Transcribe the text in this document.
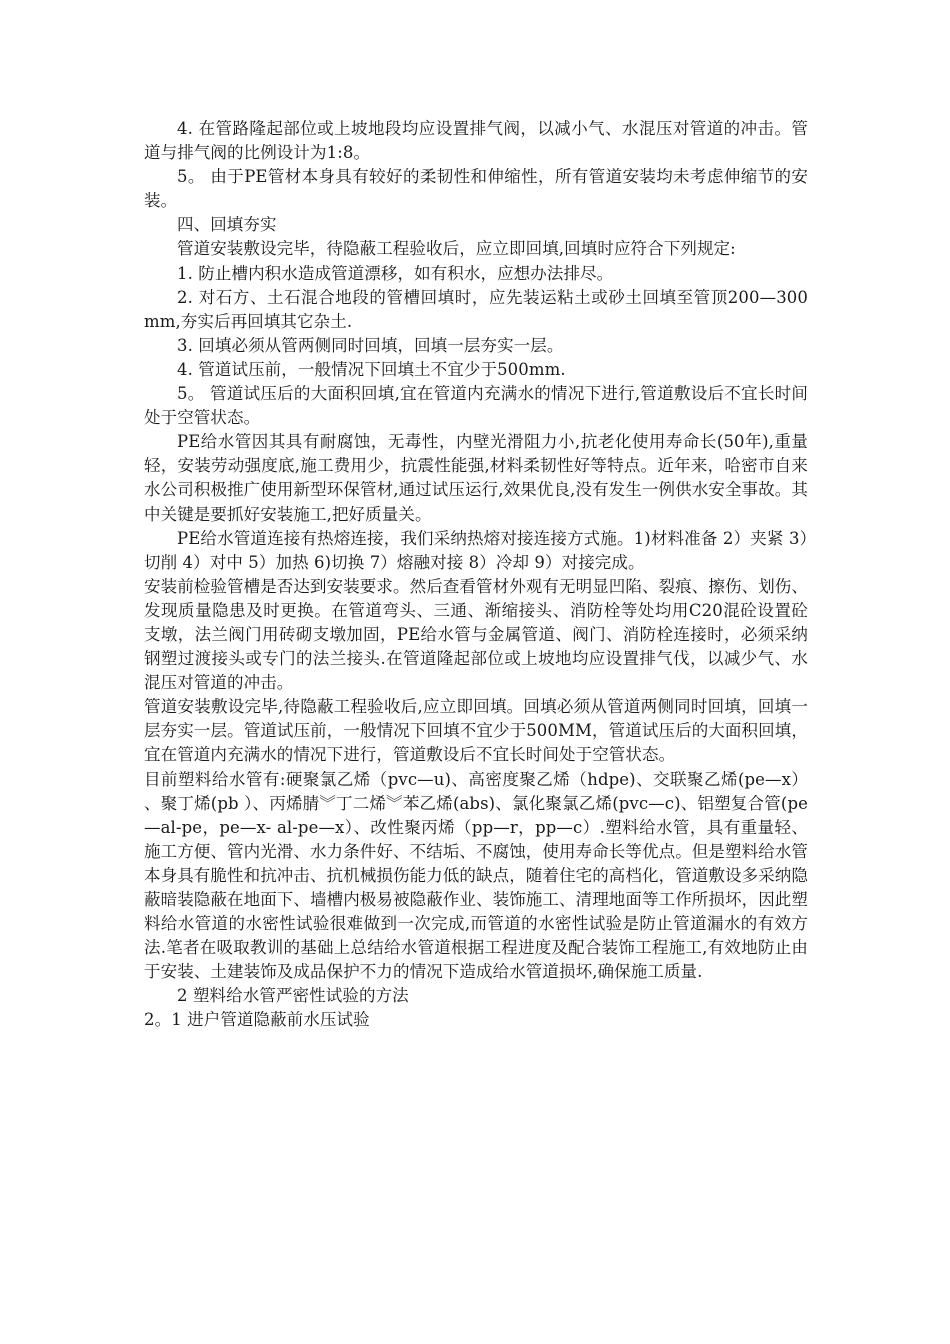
4. 在管路隆起部位或上坡地段均应设置排气阀，以减小气、水混压对管道的冲击。管道与排气阀的比例设计为1:8。

5。 由于PE管材本身具有较好的柔韧性和伸缩性，所有管道安装均未考虑伸缩节的安装。

四、回填夯实

管道安装敷设完毕，待隐蔽工程验收后，应立即回填,回填时应符合下列规定:

1. 防止槽内积水造成管道漂移，如有积水，应想办法排尽。

2. 对石方、土石混合地段的管槽回填时，应先装运粘土或砂土回填至管顶200—300mm,夯实后再回填其它杂土.

3. 回填必须从管两侧同时回填，回填一层夯实一层。

4. 管道试压前，一般情况下回填土不宜少于500mm.

5。 管道试压后的大面积回填,宜在管道内充满水的情况下进行,管道敷设后不宜长时间处于空管状态。

PE给水管因其具有耐腐蚀，无毒性，内壁光滑阻力小,抗老化使用寿命长(50年),重量轻，安装劳动强度底,施工费用少，抗震性能强,材料柔韧性好等特点。近年来，哈密市自来水公司积极推广使用新型环保管材,通过试压运行,效果优良,没有发生一例供水安全事故。其中关键是要抓好安装施工,把好质量关。

PE给水管道连接有热熔连接，我们采纳热熔对接连接方式施。1)材料准备 2）夹紧 3）切削 4）对中 5）加热 6)切换 7）熔融对接 8）冷却 9）对接完成。

安装前检验管槽是否达到安装要求。然后查看管材外观有无明显凹陷、裂痕、擦伤、划伤、发现质量隐患及时更换。在管道弯头、三通、渐缩接头、消防栓等处均用C20混砼设置砼支墩，法兰阀门用砖砌支墩加固，PE给水管与金属管道、阀门、消防栓连接时，必须采纳钢塑过渡接头或专门的法兰接头.在管道隆起部位或上坡地均应设置排气伐，以减少气、水混压对管道的冲击。

管道安装敷设完毕,待隐蔽工程验收后,应立即回填。回填必须从管道两侧同时回填，回填一层夯实一层。管道试压前，一般情况下回填不宜少于500MM，管道试压后的大面积回填，宜在管道内充满水的情况下进行，管道敷设后不宜长时间处于空管状态。

目前塑料给水管有:硬聚氯乙烯（pvc—u)、高密度聚乙烯（hdpe)、交联聚乙烯(pe—x） 、聚丁烯(pb ）、丙烯腈︾丁二烯︾苯乙烯(abs)、氯化聚氯乙烯(pvc—c)、铝塑复合管(pe—al-pe，pe—x- al-pe—x）、改性聚丙烯（pp—r，pp—c）.塑料给水管，具有重量轻、施工方便、管内光滑、水力条件好、不结垢、不腐蚀，使用寿命长等优点。但是塑料给水管本身具有脆性和抗冲击、抗机械损伤能力低的缺点，随着住宅的高档化，管道敷设多采纳隐蔽暗装隐蔽在地面下、墙槽内极易被隐蔽作业、装饰施工、清理地面等工作所损坏，因此塑料给水管道的水密性试验很难做到一次完成,而管道的水密性试验是防止管道漏水的有效方法.笔者在吸取教训的基础上总结给水管道根据工程进度及配合装饰工程施工,有效地防止由于安装、土建装饰及成品保护不力的情况下造成给水管道损坏,确保施工质量.

2 塑料给水管严密性试验的方法

2。1 进户管道隐蔽前水压试验
